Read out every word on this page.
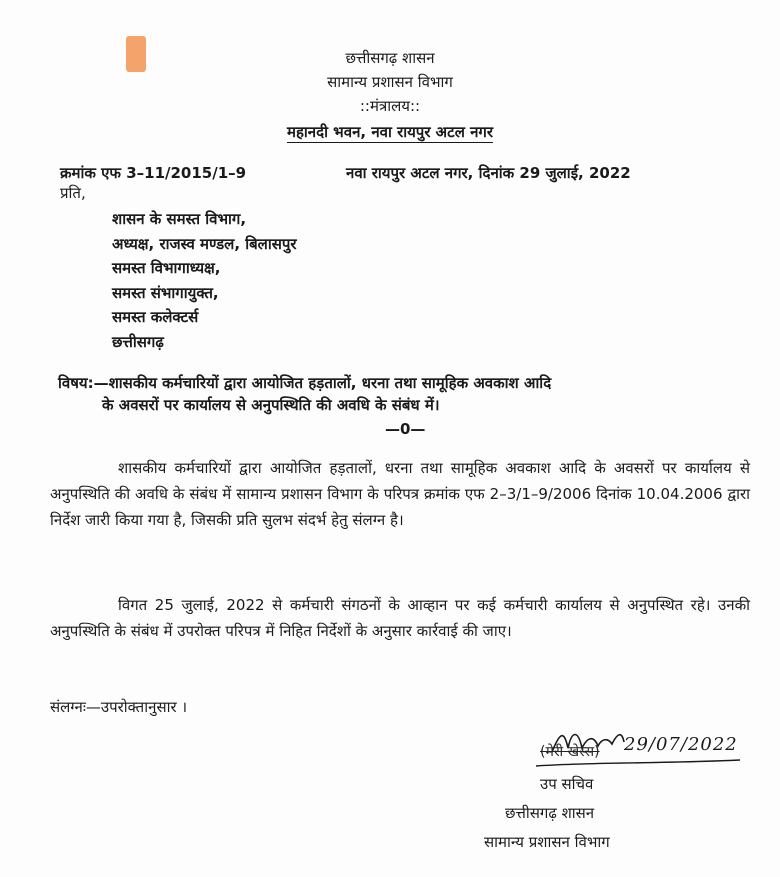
छत्तीसगढ़ शासन
सामान्य प्रशासन विभाग
::मंत्रालय::
महानदी भवन, नवा रायपुर अटल नगर
क्रमांक एफ 3–11/2015/1–9	नवा रायपुर अटल नगर, दिनांक 29 जुलाई, 2022
प्रति,
शासन के समस्त विभाग,
अध्यक्ष, राजस्व मण्डल, बिलासपुर
समस्त विभागाध्यक्ष,
समस्त संभागायुक्त,
समस्त कलेक्टर्स
छत्तीसगढ़
विषय:—शासकीय कर्मचारियों द्वारा आयोजित हड़तालों, धरना तथा सामूहिक अवकाश आदि
के अवसरों पर कार्यालय से अनुपस्थिति की अवधि के संबंध में।
—0—
शासकीय कर्मचारियों द्वारा आयोजित हड़तालों, धरना तथा सामूहिक अवकाश आदि के अवसरों पर कार्यालय से अनुपस्थिति की अवधि के संबंध में सामान्य प्रशासन विभाग के परिपत्र क्रमांक एफ 2–3/1–9/2006 दिनांक 10.04.2006 द्वारा निर्देश जारी किया गया है, जिसकी प्रति सुलभ संदर्भ हेतु संलग्न है।
विगत 25 जुलाई, 2022 से कर्मचारी संगठनों के आव्हान पर कई कर्मचारी कार्यालय से अनुपस्थित रहे। उनकी अनुपस्थिति के संबंध में उपरोक्त परिपत्र में निहित निर्देशों के अनुसार कार्रवाई की जाए।
संलग्नः—उपरोक्तानुसार ।
(मेरी खेस्स) 29/07/2022
उप सचिव
छत्तीसगढ़ शासन
सामान्य प्रशासन विभाग
